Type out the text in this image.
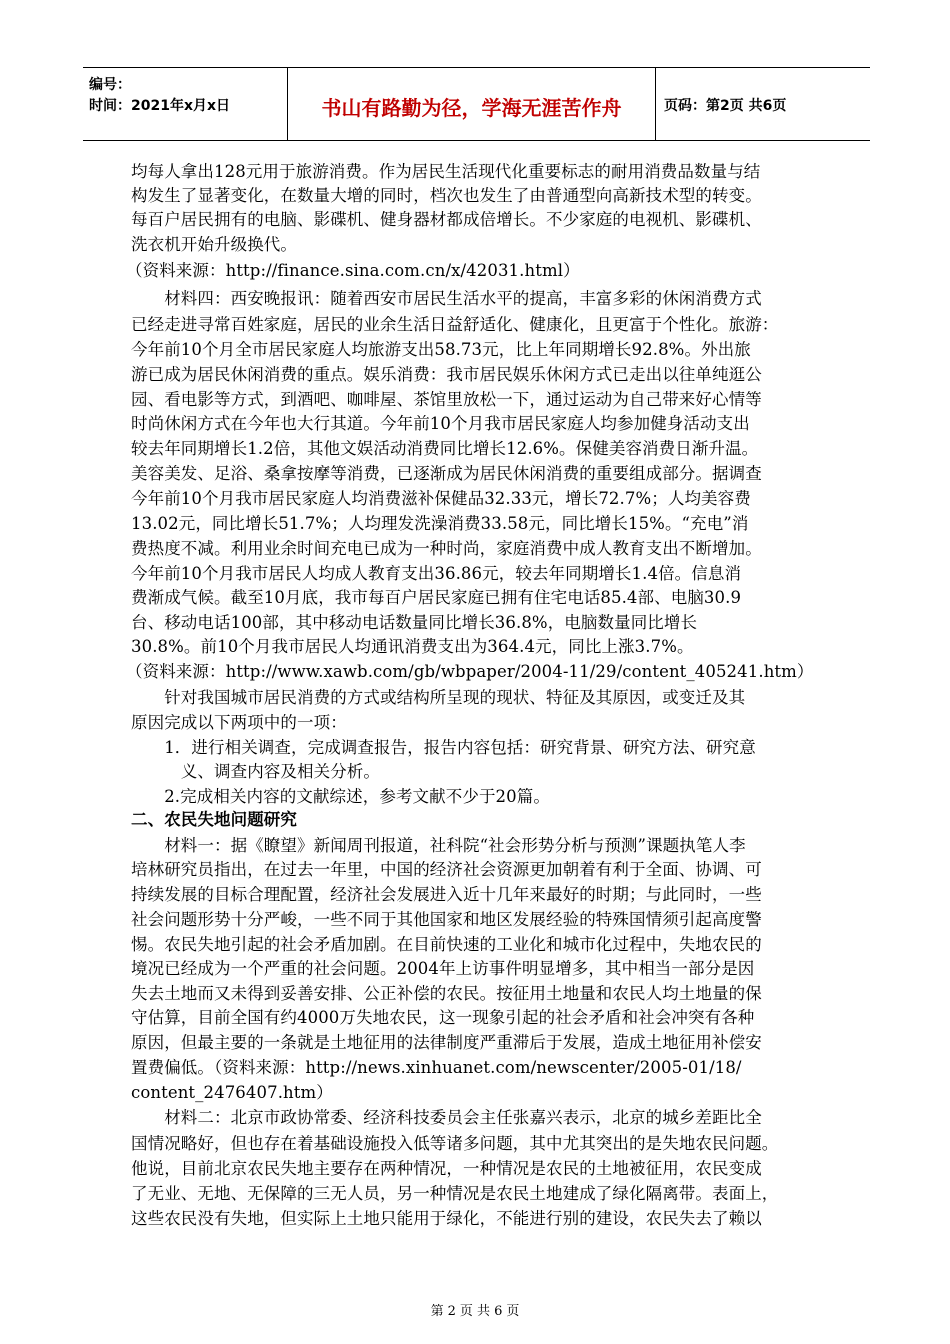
编号：
时间：2021年x月x日	书山有路勤为径，学海无涯苦作舟	页码：第2页 共6页
均每人拿出128元用于旅游消费。作为居民生活现代化重要标志的耐用消费品数量与结
构发生了显著变化，在数量大增的同时，档次也发生了由普通型向高新技术型的转变。
每百户居民拥有的电脑、影碟机、健身器材都成倍增长。不少家庭的电视机、影碟机、
洗衣机开始升级换代。
（资料来源：http://finance.sina.com.cn/x/42031.html）
　　材料四：西安晚报讯：随着西安市居民生活水平的提高，丰富多彩的休闲消费方式
已经走进寻常百姓家庭，居民的业余生活日益舒适化、健康化，且更富于个性化。旅游：
今年前10个月全市居民家庭人均旅游支出58.73元，比上年同期增长92.8%。外出旅
游已成为居民休闲消费的重点。娱乐消费：我市居民娱乐休闲方式已走出以往单纯逛公
园、看电影等方式，到酒吧、咖啡屋、茶馆里放松一下，通过运动为自己带来好心情等
时尚休闲方式在今年也大行其道。今年前10个月我市居民家庭人均参加健身活动支出
较去年同期增长1.2倍，其他文娱活动消费同比增长12.6%。保健美容消费日渐升温。
美容美发、足浴、桑拿按摩等消费，已逐渐成为居民休闲消费的重要组成部分。据调查
今年前10个月我市居民家庭人均消费滋补保健品32.33元，增长72.7%；人均美容费
13.02元，同比增长51.7%；人均理发洗澡消费33.58元，同比增长15%。“充电”消
费热度不减。利用业余时间充电已成为一种时尚，家庭消费中成人教育支出不断增加。
今年前10个月我市居民人均成人教育支出36.86元，较去年同期增长1.4倍。信息消
费渐成气候。截至10月底，我市每百户居民家庭已拥有住宅电话85.4部、电脑30.9
台、移动电话100部，其中移动电话数量同比增长36.8%，电脑数量同比增长
30.8%。前10个月我市居民人均通讯消费支出为364.4元，同比上涨3.7%。
（资料来源：http://www.xawb.com/gb/wbpaper/2004-11/29/content_405241.htm）
　　针对我国城市居民消费的方式或结构所呈现的现状、特征及其原因，或变迁及其
原因完成以下两项中的一项：
　　1．进行相关调查，完成调查报告，报告内容包括：研究背景、研究方法、研究意
　　　义、调查内容及相关分析。
　　2.完成相关内容的文献综述，参考文献不少于20篇。
二、农民失地问题研究
　　材料一：据《瞭望》新闻周刊报道，社科院“社会形势分析与预测”课题执笔人李
培林研究员指出，在过去一年里，中国的经济社会资源更加朝着有利于全面、协调、可
持续发展的目标合理配置，经济社会发展进入近十几年来最好的时期；与此同时，一些
社会问题形势十分严峻，一些不同于其他国家和地区发展经验的特殊国情须引起高度警
惕。农民失地引起的社会矛盾加剧。在目前快速的工业化和城市化过程中，失地农民的
境况已经成为一个严重的社会问题。2004年上访事件明显增多，其中相当一部分是因
失去土地而又未得到妥善安排、公正补偿的农民。按征用土地量和农民人均土地量的保
守估算，目前全国有约4000万失地农民，这一现象引起的社会矛盾和社会冲突有各种
原因，但最主要的一条就是土地征用的法律制度严重滞后于发展，造成土地征用补偿安
置费偏低。（资料来源：http://news.xinhuanet.com/newscenter/2005-01/18/
content_2476407.htm）
　　材料二：北京市政协常委、经济科技委员会主任张嘉兴表示，北京的城乡差距比全
国情况略好，但也存在着基础设施投入低等诸多问题，其中尤其突出的是失地农民问题。
他说，目前北京农民失地主要存在两种情况，一种情况是农民的土地被征用，农民变成
了无业、无地、无保障的三无人员，另一种情况是农民土地建成了绿化隔离带。表面上，
这些农民没有失地，但实际上土地只能用于绿化，不能进行别的建设，农民失去了赖以
第 2 页 共 6 页
